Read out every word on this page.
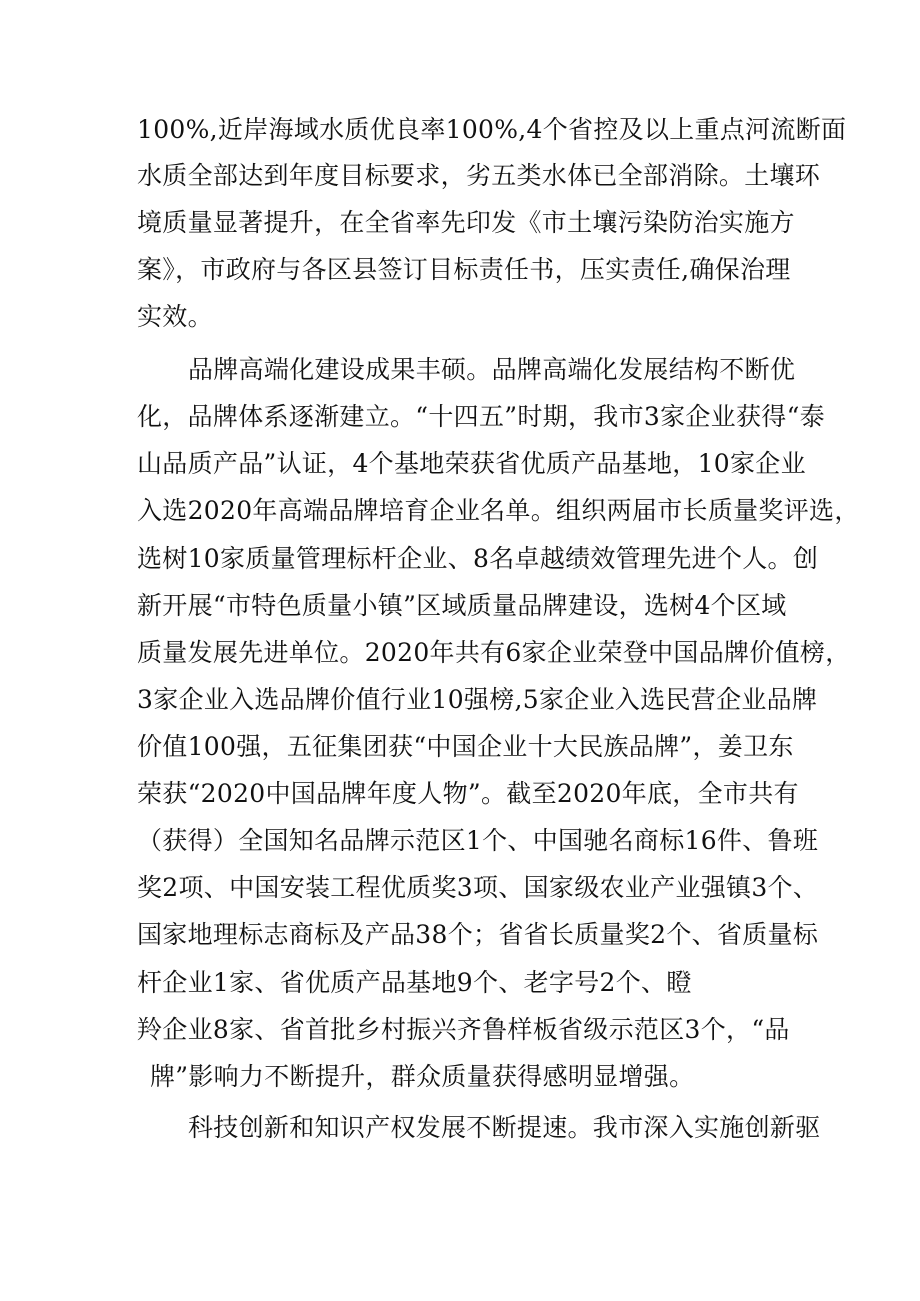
100%,近岸海域水质优良率100%,4个省控及以上重点河流断面
水质全部达到年度目标要求，劣五类水体已全部消除。土壤环
境质量显著提升，在全省率先印发《市土壤污染防治实施方
案》，市政府与各区县签订目标责任书，压实责任,确保治理
实效。
品牌高端化建设成果丰硕。品牌高端化发展结构不断优
化，品牌体系逐渐建立。“十四五”时期，我市3家企业获得“泰
山品质产品”认证，4个基地荣获省优质产品基地，10家企业
入选2020年高端品牌培育企业名单。组织两届市长质量奖评选，
选树10家质量管理标杆企业、8名卓越绩效管理先进个人。创
新开展“市特色质量小镇”区域质量品牌建设，选树4个区域
质量发展先进单位。2020年共有6家企业荣登中国品牌价值榜，
3家企业入选品牌价值行业10强榜,5家企业入选民营企业品牌
价值100强，五征集团获“中国企业十大民族品牌”，姜卫东
荣获“2020中国品牌年度人物”。截至2020年底，全市共有
（获得）全国知名品牌示范区1个、中国驰名商标16件、鲁班
奖2项、中国安装工程优质奖3项、国家级农业产业强镇3个、
国家地理标志商标及产品38个；省省长质量奖2个、省质量标
杆企业1家、省优质产品基地9个、老字号2个、瞪
羚企业8家、省首批乡村振兴齐鲁样板省级示范区3个，“品
牌”影响力不断提升，群众质量获得感明显增强。
科技创新和知识产权发展不断提速。我市深入实施创新驱
